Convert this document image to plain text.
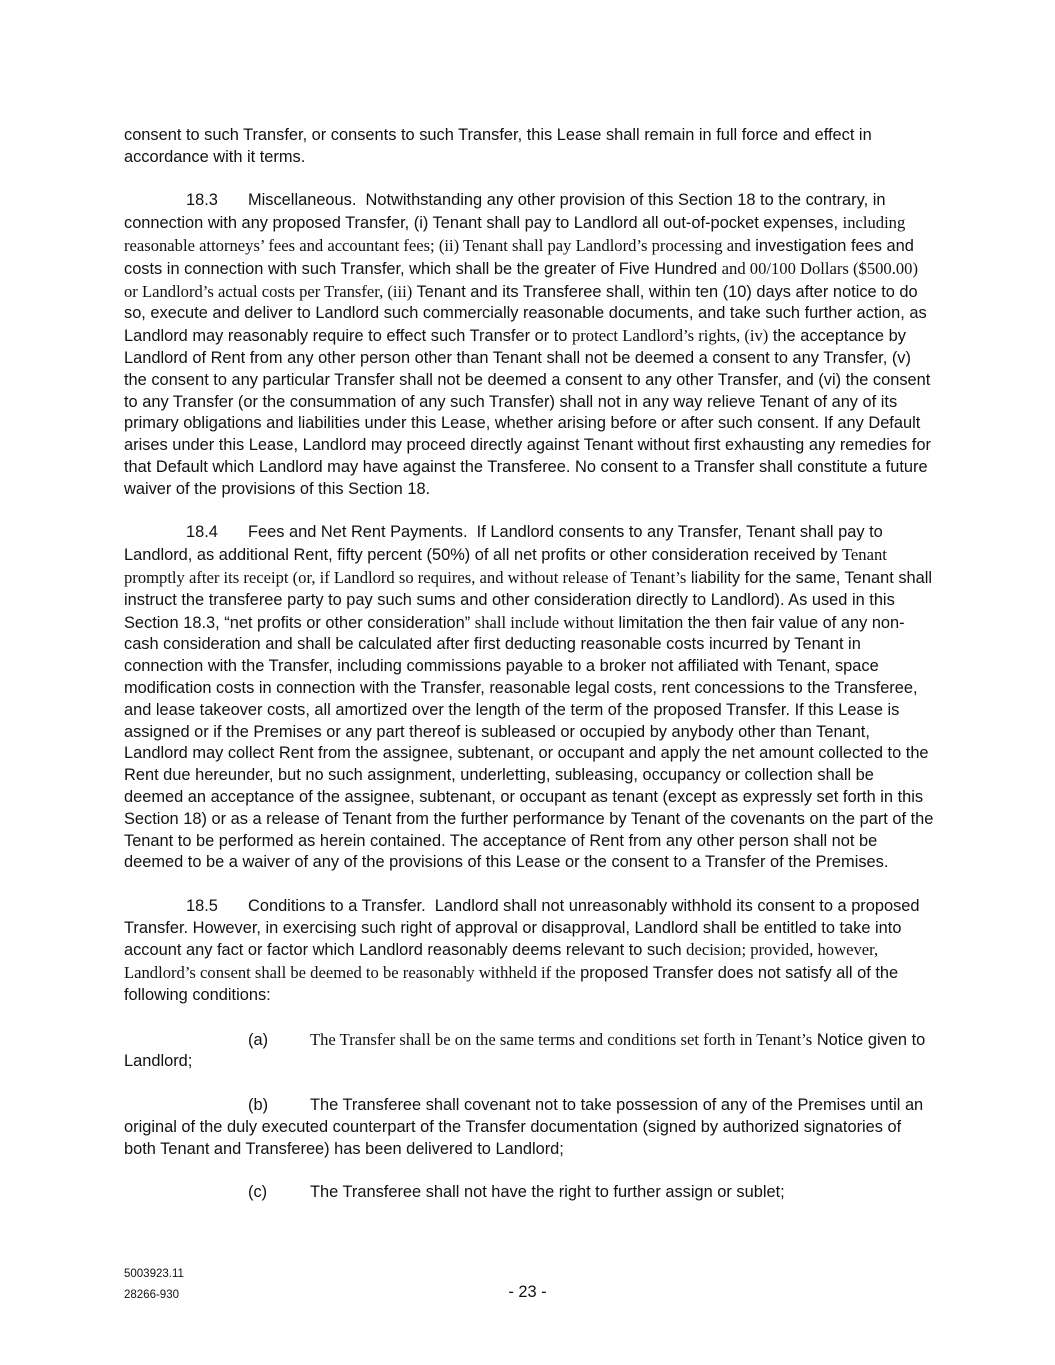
consent to such Transfer, or consents to such Transfer, this Lease shall remain in full force and effect in accordance with it terms.

18.3 Miscellaneous. Notwithstanding any other provision of this Section 18 to the contrary, in connection with any proposed Transfer, (i) Tenant shall pay to Landlord all out-of-pocket expenses, including reasonable attorneys’ fees and accountant fees; (ii) Tenant shall pay Landlord’s processing and investigation fees and costs in connection with such Transfer, which shall be the greater of Five Hundred and 00/100 Dollars ($500.00) or Landlord’s actual costs per Transfer, (iii) Tenant and its Transferee shall, within ten (10) days after notice to do so, execute and deliver to Landlord such commercially reasonable documents, and take such further action, as Landlord may reasonably require to effect such Transfer or to protect Landlord’s rights, (iv) the acceptance by Landlord of Rent from any other person other than Tenant shall not be deemed a consent to any Transfer, (v) the consent to any particular Transfer shall not be deemed a consent to any other Transfer, and (vi) the consent to any Transfer (or the consummation of any such Transfer) shall not in any way relieve Tenant of any of its primary obligations and liabilities under this Lease, whether arising before or after such consent. If any Default arises under this Lease, Landlord may proceed directly against Tenant without first exhausting any remedies for that Default which Landlord may have against the Transferee. No consent to a Transfer shall constitute a future waiver of the provisions of this Section 18.

18.4 Fees and Net Rent Payments. If Landlord consents to any Transfer, Tenant shall pay to Landlord, as additional Rent, fifty percent (50%) of all net profits or other consideration received by Tenant promptly after its receipt (or, if Landlord so requires, and without release of Tenant’s liability for the same, Tenant shall instruct the transferee party to pay such sums and other consideration directly to Landlord). As used in this Section 18.3, “net profits or other consideration” shall include without limitation the then fair value of any non-cash consideration and shall be calculated after first deducting reasonable costs incurred by Tenant in connection with the Transfer, including commissions payable to a broker not affiliated with Tenant, space modification costs in connection with the Transfer, reasonable legal costs, rent concessions to the Transferee, and lease takeover costs, all amortized over the length of the term of the proposed Transfer. If this Lease is assigned or if the Premises or any part thereof is subleased or occupied by anybody other than Tenant, Landlord may collect Rent from the assignee, subtenant, or occupant and apply the net amount collected to the Rent due hereunder, but no such assignment, underletting, subleasing, occupancy or collection shall be deemed an acceptance of the assignee, subtenant, or occupant as tenant (except as expressly set forth in this Section 18) or as a release of Tenant from the further performance by Tenant of the covenants on the part of the Tenant to be performed as herein contained. The acceptance of Rent from any other person shall not be deemed to be a waiver of any of the provisions of this Lease or the consent to a Transfer of the Premises.

18.5 Conditions to a Transfer. Landlord shall not unreasonably withhold its consent to a proposed Transfer. However, in exercising such right of approval or disapproval, Landlord shall be entitled to take into account any fact or factor which Landlord reasonably deems relevant to such decision; provided, however, Landlord’s consent shall be deemed to be reasonably withheld if the proposed Transfer does not satisfy all of the following conditions:

(a)	The Transfer shall be on the same terms and conditions set forth in Tenant’s Notice given to Landlord;

(b)	The Transferee shall covenant not to take possession of any of the Premises until an original of the duly executed counterpart of the Transfer documentation (signed by authorized signatories of both Tenant and Transferee) has been delivered to Landlord;

(c)	The Transferee shall not have the right to further assign or sublet;

5003923.11
28266-930	- 23 -
